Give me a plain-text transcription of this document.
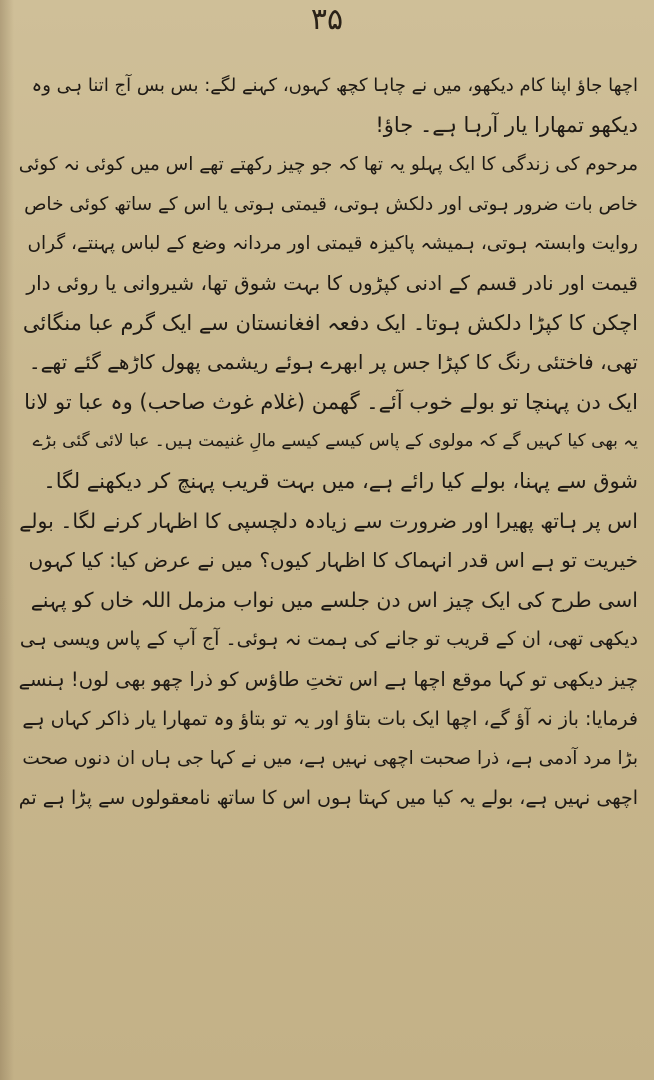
۳۵
اچھا جاؤ اپنا کام دیکھو، میں نے چاہا کچھ کہوں، کہنے لگے: بس بس آج اتنا ہی وہ
دیکھو تمھارا یار آرہا ہے۔ جاؤ!
مرحوم کی زندگی کا ایک پہلو یہ تھا کہ جو چیز رکھتے تھے اس میں کوئی نہ کوئی
خاص بات ضرور ہوتی اور دلکش ہوتی، قیمتی ہوتی یا اس کے ساتھ کوئی خاص
روایت وابستہ ہوتی، ہمیشہ پاکیزہ قیمتی اور مردانہ وضع کے لباس پہنتے، گراں
قیمت اور نادر قسم کے ادنی کپڑوں کا بہت شوق تھا، شیروانی یا روئی دار
اچکن کا کپڑا دلکش ہوتا۔ ایک دفعہ افغانستان سے ایک گرم عبا منگائی
تھی، فاختئی رنگ کا کپڑا جس پر ابھرے ہوئے ریشمی پھول کاڑھے گئے تھے۔
ایک دن پہنچا تو بولے خوب آئے۔ گھمن (غلام غوث صاحب) وہ عبا تو لانا
یہ بھی کیا کہیں گے کہ مولوی کے پاس کیسے کیسے مالِ غنیمت ہیں۔ عبا لائی گئی بڑے
شوق سے پہنا، بولے کیا رائے ہے، میں بہت قریب پہنچ کر دیکھنے لگا۔
اس پر ہاتھ پھیرا اور ضرورت سے زیادہ دلچسپی کا اظہار کرنے لگا۔ بولے
خیریت تو ہے اس قدر انہماک کا اظہار کیوں؟ میں نے عرض کیا: کیا کہوں
اسی طرح کی ایک چیز اس دن جلسے میں نواب مزمل اللہ خاں کو پہنے
دیکھی تھی، ان کے قریب تو جانے کی ہمت نہ ہوئی۔ آج آپ کے پاس ویسی ہی
چیز دیکھی تو کہا موقع اچھا ہے اس تختِ طاؤس کو ذرا چھو بھی لوں! ہنسے
فرمایا: باز نہ آؤ گے، اچھا ایک بات بتاؤ اور یہ تو بتاؤ وہ تمھارا یار ذاکر کہاں ہے
بڑا مرد آدمی ہے، ذرا صحبت اچھی نہیں ہے، میں نے کہا جی ہاں ان دنوں صحت
اچھی نہیں ہے، بولے یہ کیا میں کہتا ہوں اس کا ساتھ نامعقولوں سے پڑا ہے تم
